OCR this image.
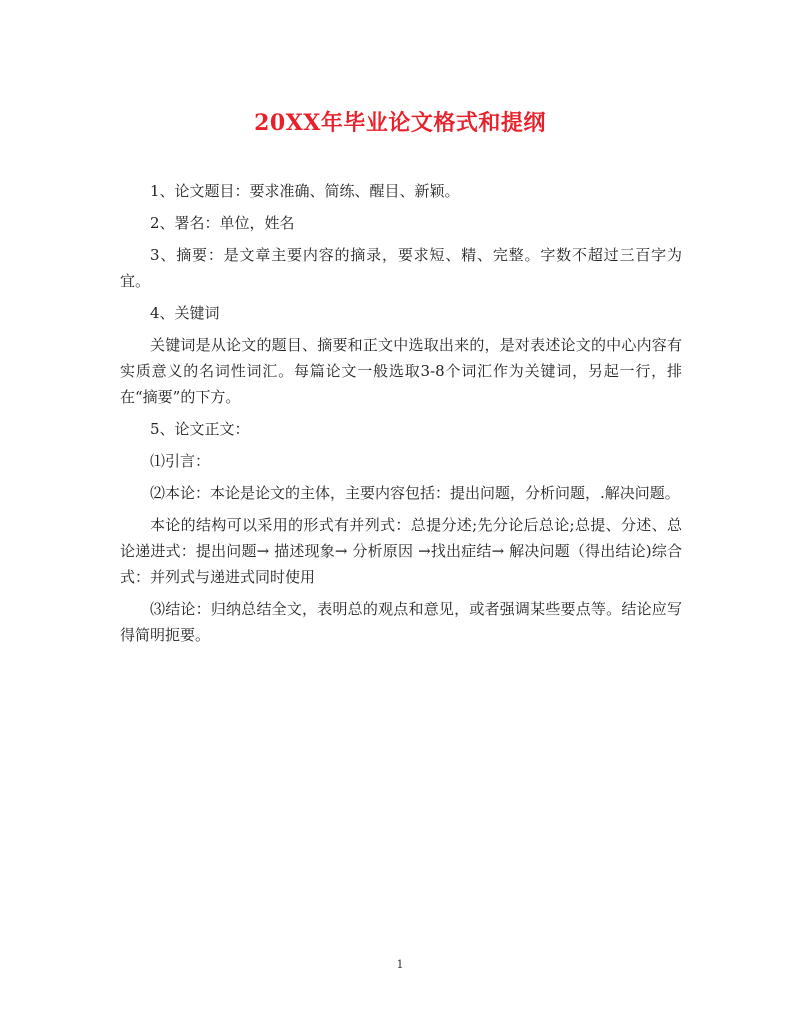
20XX年毕业论文格式和提纲

1、论文题目：要求准确、简练、醒目、新颖。

2、署名：单位，姓名

3、摘要：是文章主要内容的摘录，要求短、精、完整。字数不超过三百字为宜。

4、关键词

关键词是从论文的题目、摘要和正文中选取出来的，是对表述论文的中心内容有实质意义的名词性词汇。每篇论文一般选取3-8个词汇作为关键词，另起一行，排在“摘要”的下方。

5、论文正文：

⑴引言：

⑵本论：本论是论文的主体，主要内容包括：提出问题，分析问题，.解决问题。

本论的结构可以采用的形式有并列式：总提分述;先分论后总论;总提、分述、总论递进式：提出问题→ 描述现象→ 分析原因 →找出症结→ 解决问题（得出结论)综合式：并列式与递进式同时使用

⑶结论：归纳总结全文，表明总的观点和意见，或者强调某些要点等。结论应写得简明扼要。

1
